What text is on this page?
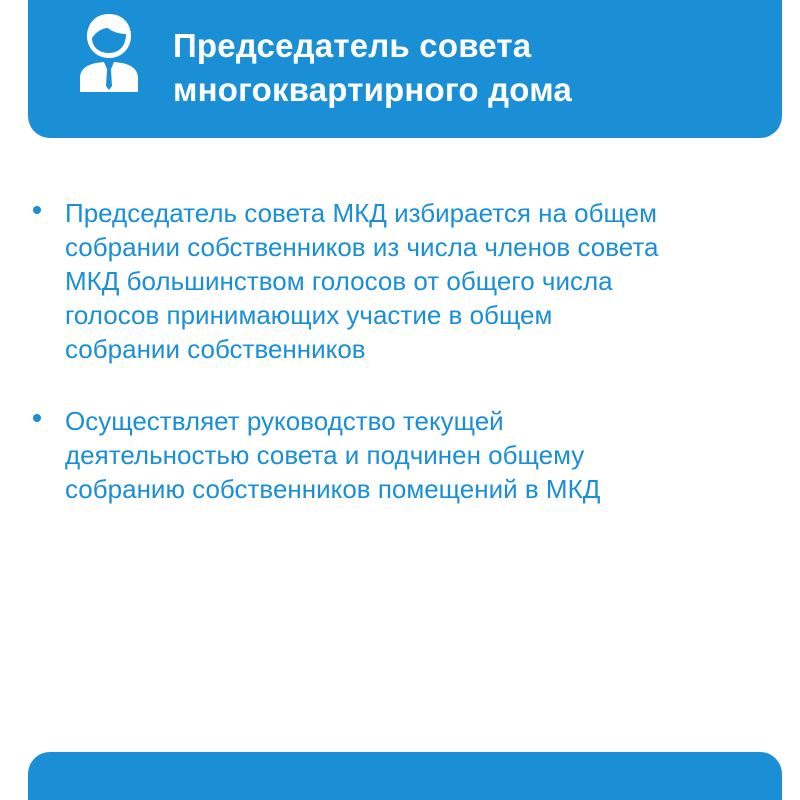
Председатель совета
многоквартирного дома
Председатель совета МКД избирается на общем
собрании собственников из числа членов совета
МКД большинством голосов от общего числа
голосов принимающих участие в общем
собрании собственников
Осуществляет руководство текущей
деятельностью совета и подчинен общему
собранию собственников помещений в МКД
